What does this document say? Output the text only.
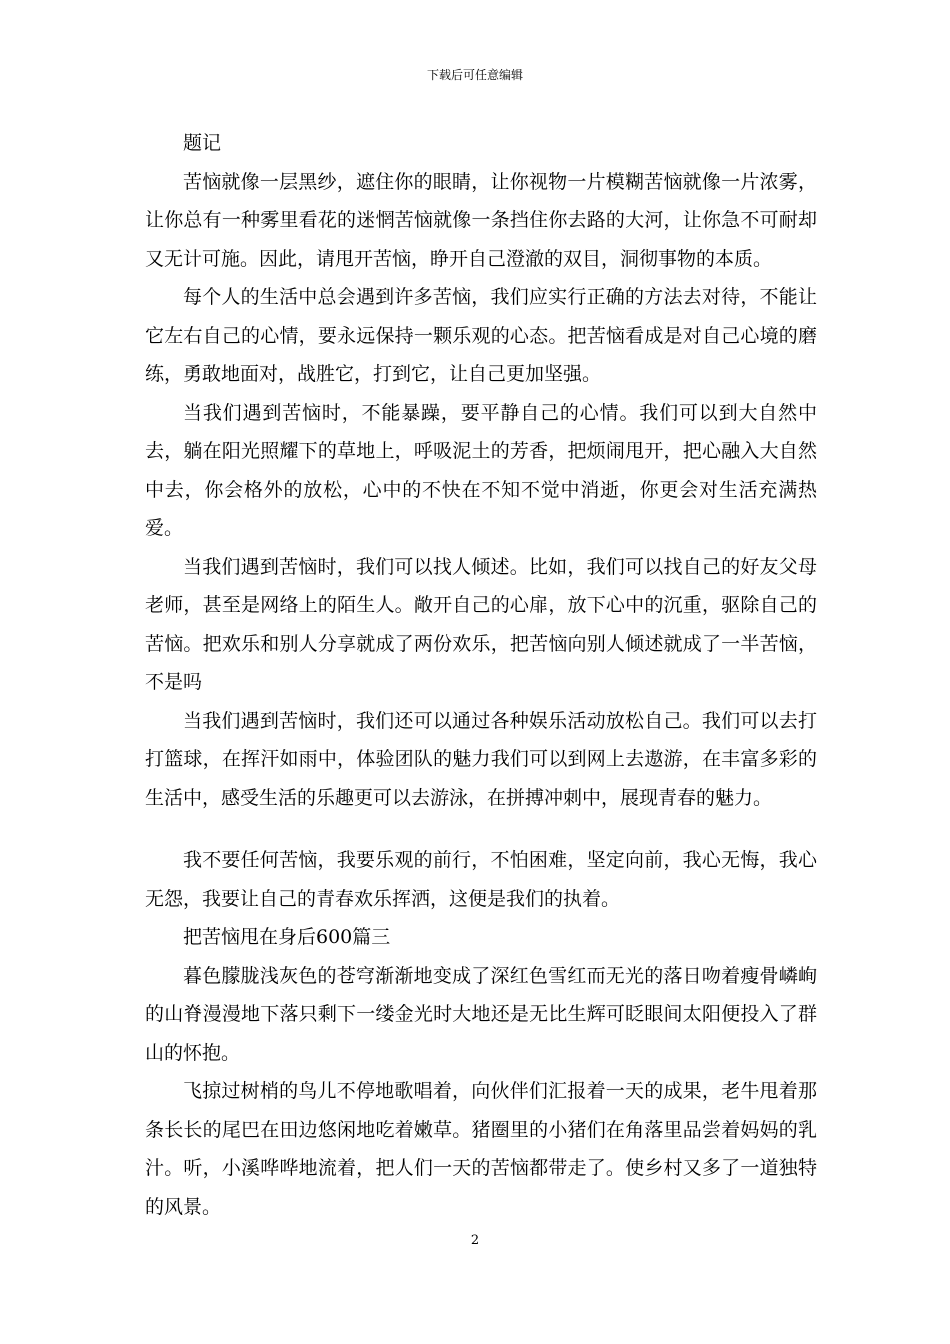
下载后可任意编辑

题记

苦恼就像一层黑纱，遮住你的眼睛，让你视物一片模糊苦恼就像一片浓雾，让你总有一种雾里看花的迷惘苦恼就像一条挡住你去路的大河，让你急不可耐却又无计可施。因此，请甩开苦恼，睁开自己澄澈的双目，洞彻事物的本质。

每个人的生活中总会遇到许多苦恼，我们应实行正确的方法去对待，不能让它左右自己的心情，要永远保持一颗乐观的心态。把苦恼看成是对自己心境的磨练，勇敢地面对，战胜它，打到它，让自己更加坚强。

当我们遇到苦恼时，不能暴躁，要平静自己的心情。我们可以到大自然中去，躺在阳光照耀下的草地上，呼吸泥土的芳香，把烦闹甩开，把心融入大自然中去，你会格外的放松，心中的不快在不知不觉中消逝，你更会对生活充满热爱。

当我们遇到苦恼时，我们可以找人倾述。比如，我们可以找自己的好友父母老师，甚至是网络上的陌生人。敞开自己的心扉，放下心中的沉重，驱除自己的苦恼。把欢乐和别人分享就成了两份欢乐，把苦恼向别人倾述就成了一半苦恼，不是吗

当我们遇到苦恼时，我们还可以通过各种娱乐活动放松自己。我们可以去打打篮球，在挥汗如雨中，体验团队的魅力我们可以到网上去遨游，在丰富多彩的生活中，感受生活的乐趣更可以去游泳，在拼搏冲刺中，展现青春的魅力。

我不要任何苦恼，我要乐观的前行，不怕困难，坚定向前，我心无悔，我心无怨，我要让自己的青春欢乐挥洒，这便是我们的执着。

把苦恼甩在身后600篇三

暮色朦胧浅灰色的苍穹渐渐地变成了深红色雪红而无光的落日吻着瘦骨嶙峋的山脊漫漫地下落只剩下一缕金光时大地还是无比生辉可眨眼间太阳便投入了群山的怀抱。

飞掠过树梢的鸟儿不停地歌唱着，向伙伴们汇报着一天的成果，老牛甩着那条长长的尾巴在田边悠闲地吃着嫩草。猪圈里的小猪们在角落里品尝着妈妈的乳汁。听，小溪哗哗地流着，把人们一天的苦恼都带走了。使乡村又多了一道独特的风景。

2
